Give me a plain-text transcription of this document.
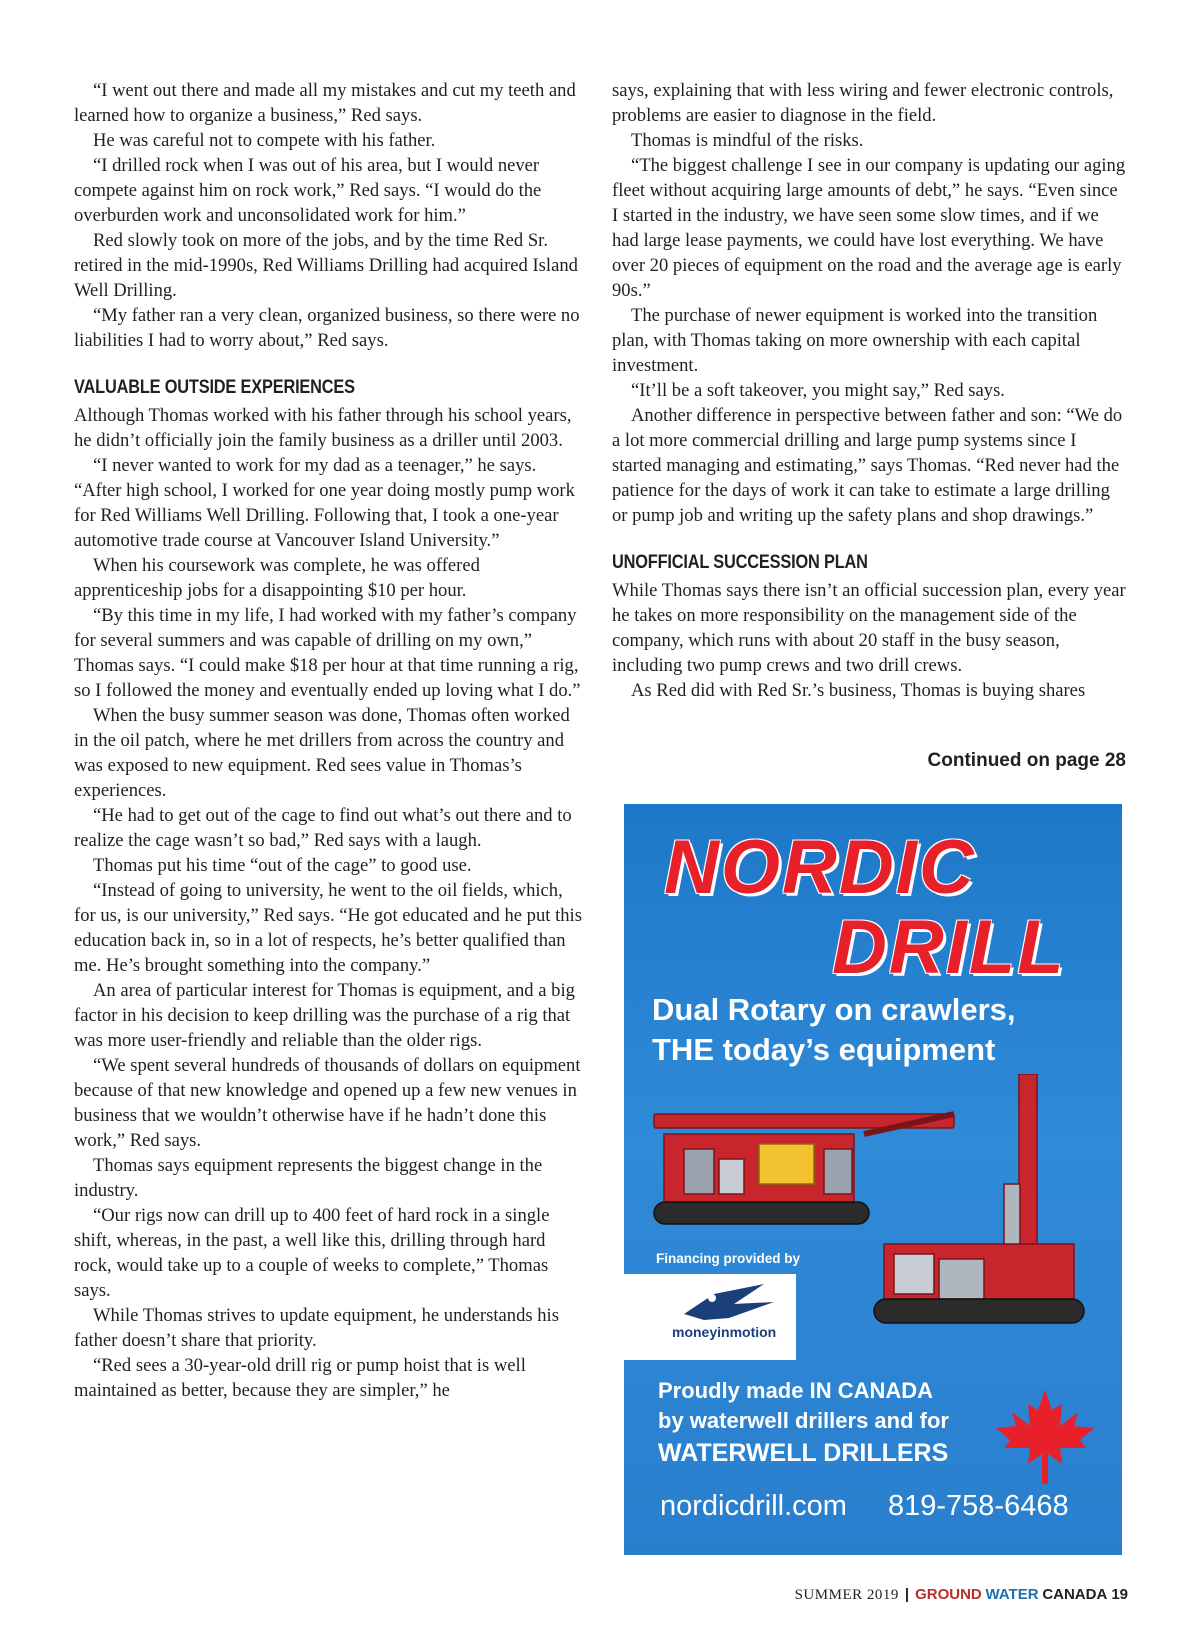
“I went out there and made all my mistakes and cut my teeth and learned how to organize a business,” Red says.

He was careful not to compete with his father.

“I drilled rock when I was out of his area, but I would never compete against him on rock work,” Red says. “I would do the overburden work and unconsolidated work for him.”

Red slowly took on more of the jobs, and by the time Red Sr. retired in the mid-1990s, Red Williams Drilling had acquired Island Well Drilling.

“My father ran a very clean, organized business, so there were no liabilities I had to worry about,” Red says.

VALUABLE OUTSIDE EXPERIENCES

Although Thomas worked with his father through his school years, he didn’t officially join the family business as a driller until 2003.

“I never wanted to work for my dad as a teenager,” he says. “After high school, I worked for one year doing mostly pump work for Red Williams Well Drilling. Following that, I took a one-year automotive trade course at Vancouver Island University.”

When his coursework was complete, he was offered apprenticeship jobs for a disappointing $10 per hour.

“By this time in my life, I had worked with my father’s company for several summers and was capable of drilling on my own,” Thomas says. “I could make $18 per hour at that time running a rig, so I followed the money and eventually ended up loving what I do.”

When the busy summer season was done, Thomas often worked in the oil patch, where he met drillers from across the country and was exposed to new equipment. Red sees value in Thomas’s experiences.

“He had to get out of the cage to find out what’s out there and to realize the cage wasn’t so bad,” Red says with a laugh.

Thomas put his time “out of the cage” to good use.

“Instead of going to university, he went to the oil fields, which, for us, is our university,” Red says. “He got educated and he put this education back in, so in a lot of respects, he’s better qualified than me. He’s brought something into the company.”

An area of particular interest for Thomas is equipment, and a big factor in his decision to keep drilling was the purchase of a rig that was more user-friendly and reliable than the older rigs.

“We spent several hundreds of thousands of dollars on equipment because of that new knowledge and opened up a few new venues in business that we wouldn’t otherwise have if he hadn’t done this work,” Red says.

Thomas says equipment represents the biggest change in the industry.

“Our rigs now can drill up to 400 feet of hard rock in a single shift, whereas, in the past, a well like this, drilling through hard rock, would take up to a couple of weeks to complete,” Thomas says.

While Thomas strives to update equipment, he understands his father doesn’t share that priority.

“Red sees a 30-year-old drill rig or pump hoist that is well maintained as better, because they are simpler,” he

says, explaining that with less wiring and fewer electronic controls, problems are easier to diagnose in the field.

Thomas is mindful of the risks.

“The biggest challenge I see in our company is updating our aging fleet without acquiring large amounts of debt,” he says. “Even since I started in the industry, we have seen some slow times, and if we had large lease payments, we could have lost everything. We have over 20 pieces of equipment on the road and the average age is early 90s.”

The purchase of newer equipment is worked into the transition plan, with Thomas taking on more ownership with each capital investment.

“It’ll be a soft takeover, you might say,” Red says.

Another difference in perspective between father and son: “We do a lot more commercial drilling and large pump systems since I started managing and estimating,” says Thomas. “Red never had the patience for the days of work it can take to estimate a large drilling or pump job and writing up the safety plans and shop drawings.”

UNOFFICIAL SUCCESSION PLAN

While Thomas says there isn’t an official succession plan, every year he takes on more responsibility on the management side of the company, which runs with about 20 staff in the busy season, including two pump crews and two drill crews.

As Red did with Red Sr.’s business, Thomas is buying shares

Continued on page 28
NORDIC
DRILL
Dual Rotary on crawlers,
THE today’s equipment
Financing provided by
moneyinmotion
Proudly made IN CANADA
by waterwell drillers and for
WATERWELL DRILLERS
nordicdrill.com 819-758-6468
SUMMER 2019 | GROUND WATER CANADA 19
